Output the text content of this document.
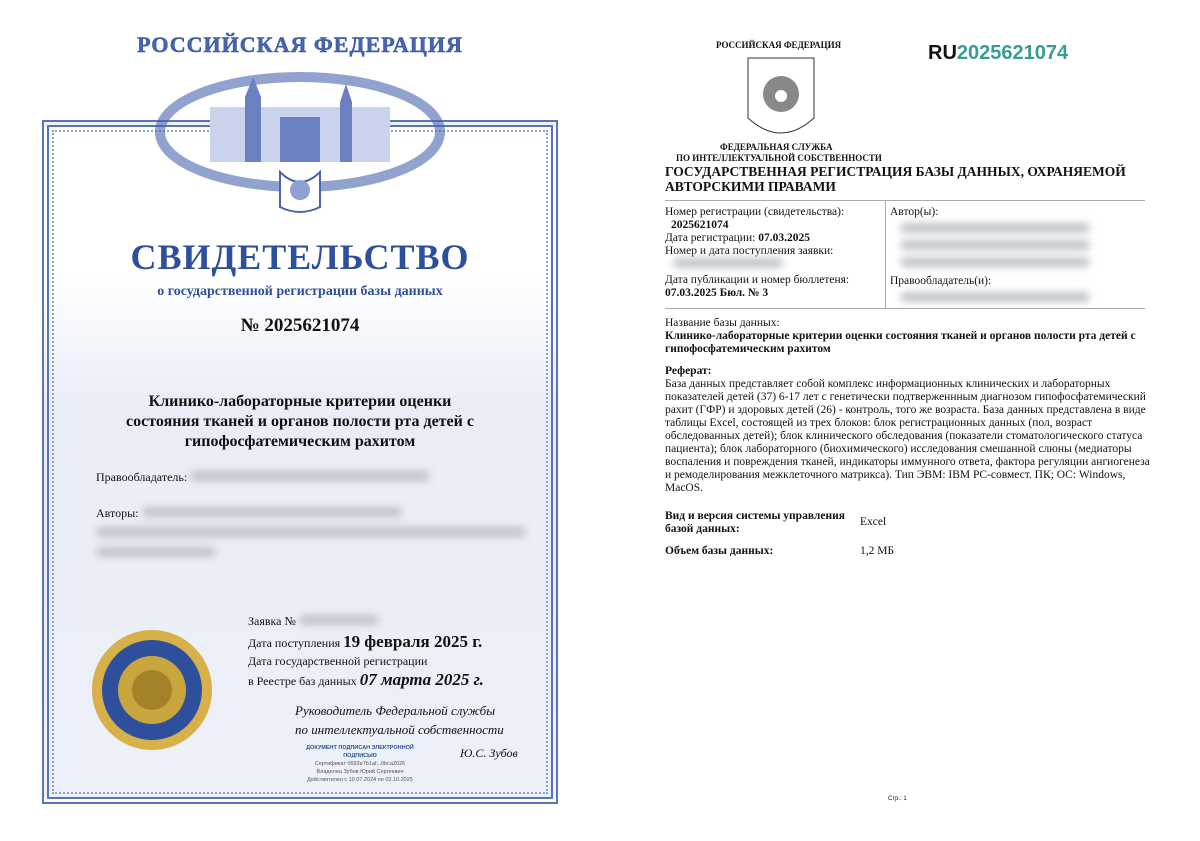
РОССИЙСКАЯ ФЕДЕРАЦИЯ
СВИДЕТЕЛЬСТВО
о государственной регистрации базы данных
№ 2025621074
Клинико-лабораторные критерии оценки состояния тканей и органов полости рта детей с гипофосфатемическим рахитом
Правообладатель:
Авторы:

Заявка №
Дата поступления 19 февраля 2025 г.
Дата государственной регистрации
в Реестре баз данных 07 марта 2025 г.
Руководитель Федеральной службы
по интеллектуальной собственности
ДОКУМЕНТ ПОДПИСАН ЭЛЕКТРОННОЙ ПОДПИСЬЮ
Сертификат 0692e7b1af...0bca2026
Владелец Зубов Юрий Сергеевич
Действителен с 10.07.2024 по 03.10.2025
Ю.С. Зубов
РОССИЙСКАЯ ФЕДЕРАЦИЯ	RU2025621074
ФЕДЕРАЛЬНАЯ СЛУЖБА
ПО ИНТЕЛЛЕКТУАЛЬНОЙ СОБСТВЕННОСТИ
ГОСУДАРСТВЕННАЯ РЕГИСТРАЦИЯ БАЗЫ ДАННЫХ, ОХРАНЯЕМОЙ АВТОРСКИМИ ПРАВАМИ
Номер регистрации (свидетельства):
2025621074
Дата регистрации: 07.03.2025
Номер и дата поступления заявки:
Дата публикации и номер бюллетеня:
07.03.2025 Бюл. № 3
Автор(ы):

Правообладатель(и):
Название базы данных:
Клинико-лабораторные критерии оценки состояния тканей и органов полости рта детей с гипофосфатемическим рахитом
Реферат:
База данных представляет собой комплекс информационных клинических и лабораторных показателей детей (37) 6-17 лет с генетически подтверженнным диагнозом гипофосфатемический рахит (ГФР) и здоровых детей (26) - контроль, того же возраста. База данных представлена в виде таблицы Excel, состоящей из трех блоков: блок регистрационных данных (пол, возраст обследованных детей); блок клинического обследования (показатели стоматологического статуса пациента); блок лабораторного (биохимического) исследования смешанной слюны (медиаторы воспаления и повреждения тканей, индикаторы иммунного ответа, фактора регуляции ангиогенеза и ремоделирования межклеточного матрикса). Тип ЭВМ: IBM PC-совмест. ПК; ОС: Windows, MacOS.
Вид и версия системы управления базой данных:
Excel
Объем базы данных:	1,2 МБ
Стр.: 1
